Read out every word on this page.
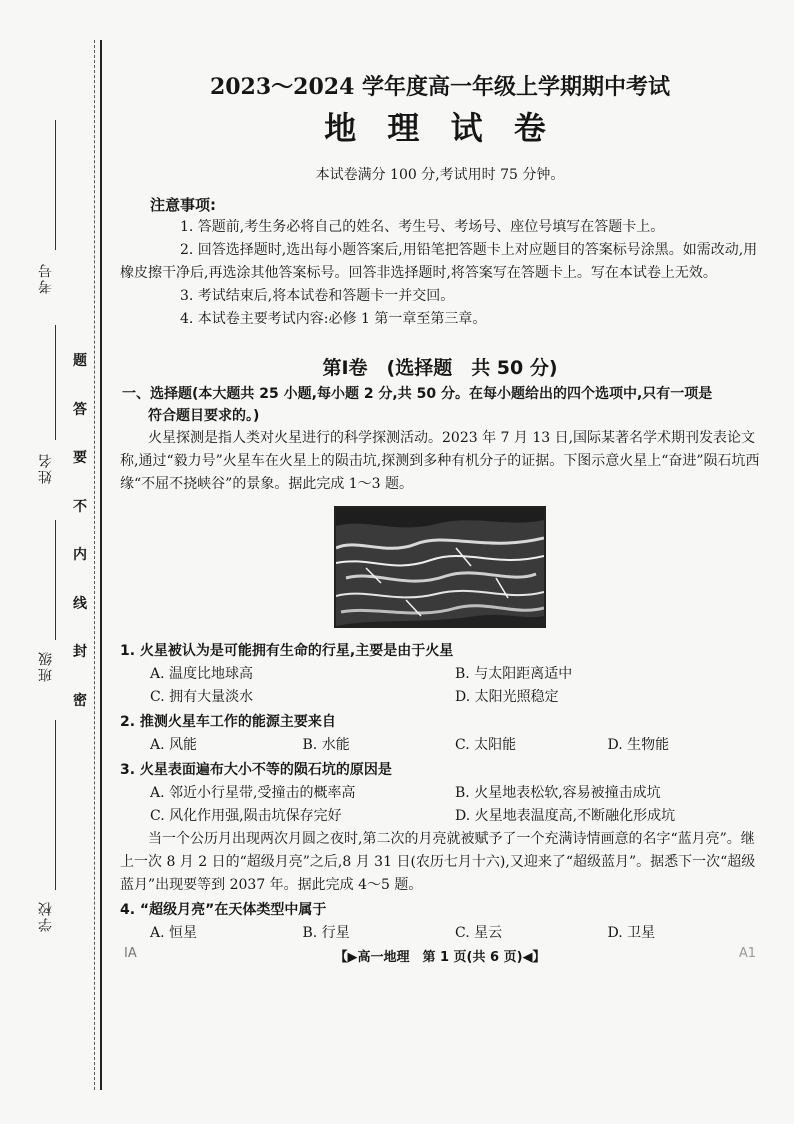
考号
姓名
班级
学校
题
答
要
不
内
线
封
密
2023～2024 学年度高一年级上学期期中考试
地 理 试 卷
本试卷满分 100 分,考试用时 75 分钟。
注意事项:
1. 答题前,考生务必将自己的姓名、考生号、考场号、座位号填写在答题卡上。
2. 回答选择题时,选出每小题答案后,用铅笔把答题卡上对应题目的答案标号涂黑。如需改动,用橡皮擦干净后,再选涂其他答案标号。回答非选择题时,将答案写在答题卡上。写在本试卷上无效。
3. 考试结束后,将本试卷和答题卡一并交回。
4. 本试卷主要考试内容:必修 1 第一章至第三章。
第Ⅰ卷　(选择题　共 50 分)
一、选择题(本大题共 25 小题,每小题 2 分,共 50 分。在每小题给出的四个选项中,只有一项是
符合题目要求的。)
火星探测是指人类对火星进行的科学探测活动。2023 年 7 月 13 日,国际某著名学术期刊发表论文称,通过“毅力号”火星车在火星上的陨击坑,探测到多种有机分子的证据。下图示意火星上“奋进”陨石坑西缘“不屈不挠峡谷”的景象。据此完成 1～3 题。
1. 火星被认为是可能拥有生命的行星,主要是由于火星
A. 温度比地球高	B. 与太阳距离适中
C. 拥有大量淡水	D. 太阳光照稳定
2. 推测火星车工作的能源主要来自
A. 风能	B. 水能	C. 太阳能	D. 生物能
3. 火星表面遍布大小不等的陨石坑的原因是
A. 邻近小行星带,受撞击的概率高	B. 火星地表松软,容易被撞击成坑
C. 风化作用强,陨击坑保存完好	D. 火星地表温度高,不断融化形成坑
当一个公历月出现两次月圆之夜时,第二次的月亮就被赋予了一个充满诗情画意的名字“蓝月亮”。继上一次 8 月 2 日的“超级月亮”之后,8 月 31 日(农历七月十六),又迎来了“超级蓝月”。据悉下一次“超级蓝月”出现要等到 2037 年。据此完成 4～5 题。
4. “超级月亮”在天体类型中属于
A. 恒星	B. 行星	C. 星云	D. 卫星
IA	【▶高一地理　第 1 页(共 6 页)◀】	A1
